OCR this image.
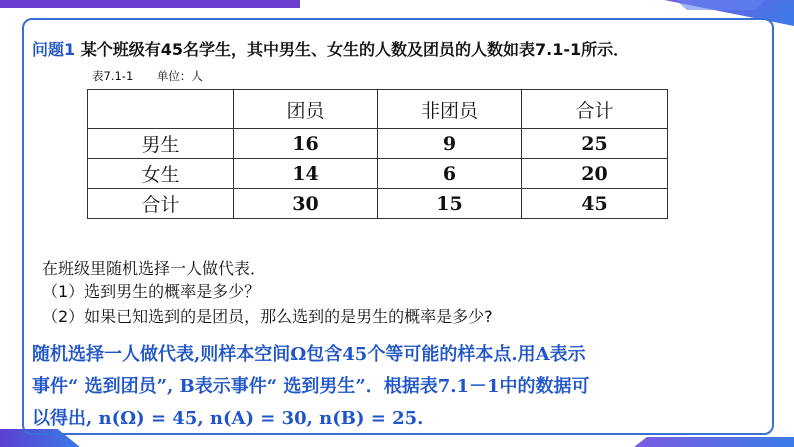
问题1 某个班级有45名学生，其中男生、女生的人数及团员的人数如表7.1-1所示．
表7.1-1 单位：人
	团员	非团员	合计
男生	16	9	25
女生	14	6	20
合计	30	15	45
在班级里随机选择一人做代表．
（1）选到男生的概率是多少？
（2）如果已知选到的是团员，那么选到的是男生的概率是多少?
随机选择一人做代表,则样本空间Ω包含45个等可能的样本点.用A表示
事件“ 选到团员”, B表示事件“ 选到男生”．根据表7.1－1中的数据可
以得出, n(Ω) = 45, n(A) = 30, n(B) = 25.
